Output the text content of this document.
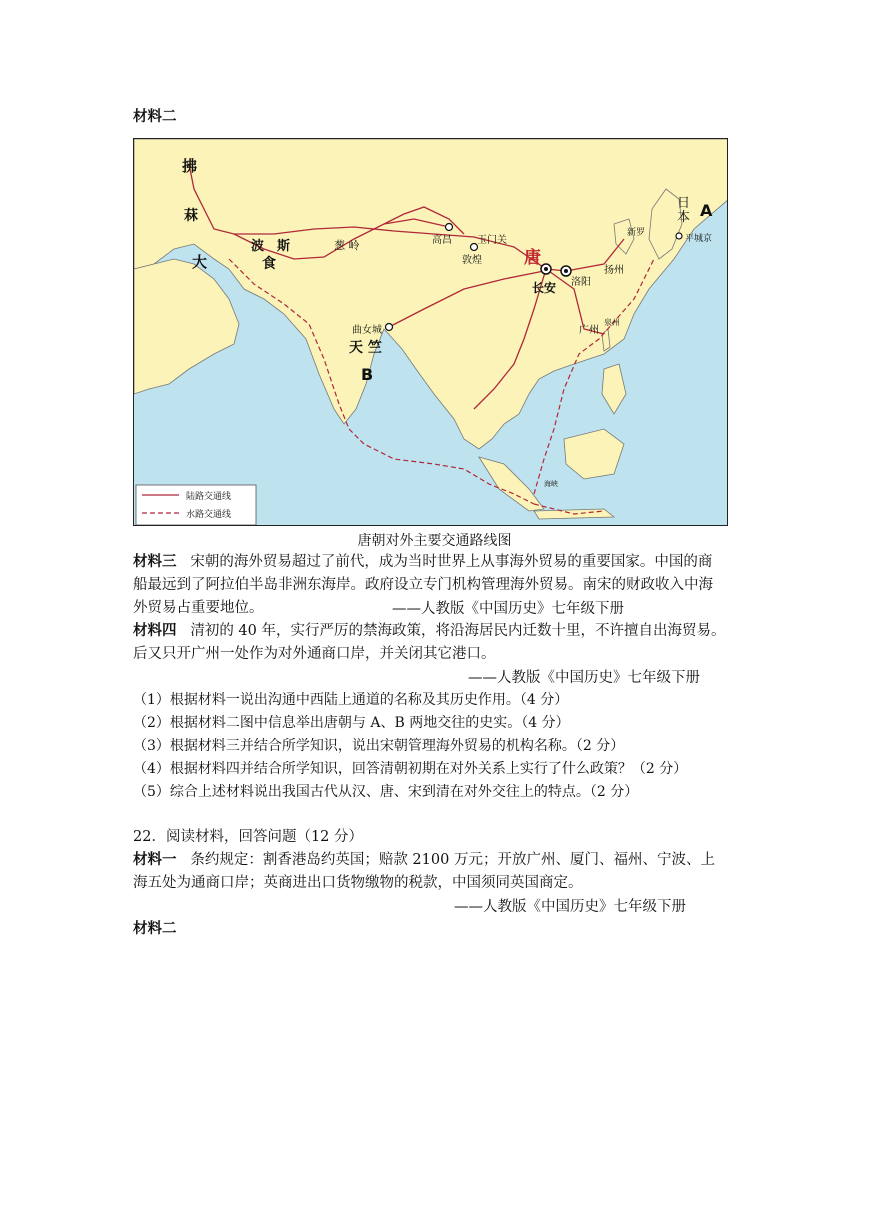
材料二
拂
菻
大
波 斯
食
葱 岭	高昌	玉门关
敦煌 唐
长安 洛阳
扬州
广州
泉州
新罗
日本
平城京
A
曲女城
天 竺
B
海峡
陆路交通线
水路交通线
唐朝对外主要交通路线图
材料三 宋朝的海外贸易超过了前代，成为当时世界上从事海外贸易的重要国家。中国的商
船最远到了阿拉伯半岛非洲东海岸。政府设立专门机构管理海外贸易。南宋的财政收入中海
外贸易占重要地位。	——人教版《中国历史》七年级下册
材料四 清初的 40 年，实行严厉的禁海政策，将沿海居民内迁数十里，不许擅自出海贸易。
后又只开广州一处作为对外通商口岸，并关闭其它港口。
——人教版《中国历史》七年级下册
（1）根据材料一说出沟通中西陆上通道的名称及其历史作用。（4 分）
（2）根据材料二图中信息举出唐朝与 A、B 两地交往的史实。（4 分）
（3）根据材料三并结合所学知识，说出宋朝管理海外贸易的机构名称。（2 分）
（4）根据材料四并结合所学知识，回答清朝初期在对外关系上实行了什么政策？（2 分）
（5）综合上述材料说出我国古代从汉、唐、宋到清在对外交往上的特点。（2 分）
22．阅读材料，回答问题（12 分）
材料一 条约规定：割香港岛约英国；赔款 2100 万元；开放广州、厦门、福州、宁波、上
海五处为通商口岸；英商进出口货物缴物的税款，中国须同英国商定。
——人教版《中国历史》七年级下册
材料二
